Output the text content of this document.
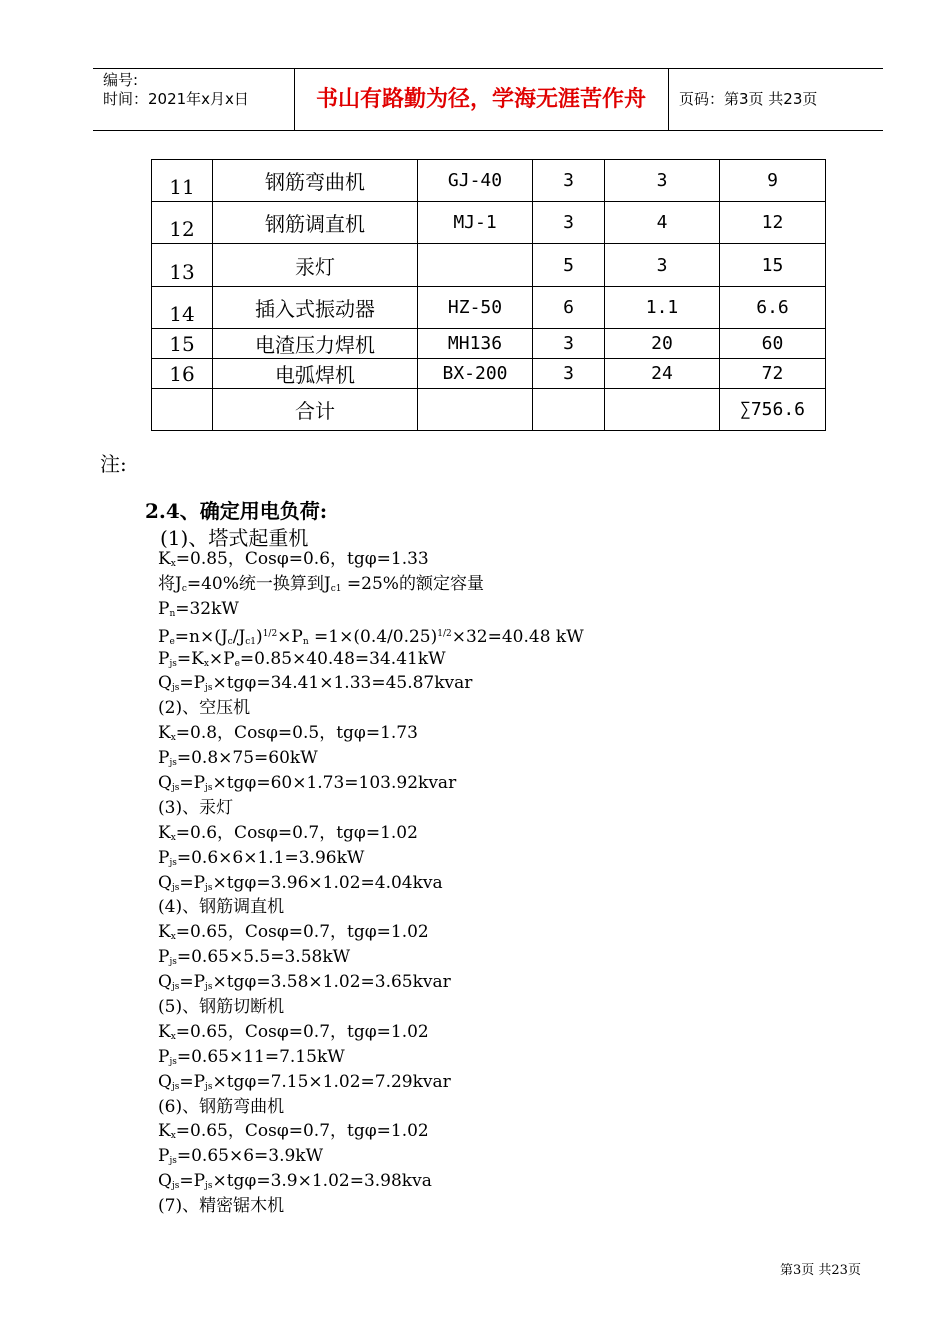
编号:
时间：2021年x月x日	书山有路勤为径，学海无涯苦作舟	页码：第3页 共23页
11	钢筋弯曲机	GJ-40	3	3	9
12	钢筋调直机	MJ-1	3	4	12
13	汞灯		5	3	15
14	插入式振动器	HZ-50	6	1.1	6.6
15	电渣压力焊机	MH136	3	20	60
16	电弧焊机	BX-200	3	24	72
	合计				∑756.6
注:
2.4、确定用电负荷:
(1)、塔式起重机
$K_x=0.85$，Cosφ=0.6，tgφ=1.33
将$J_c=40\%$统一换算到$J_{c1} =25\%$的额定容量
$P_n=32kW$
$P_e=n\times(J_c/J_{c1})^{1/2}\times P_n =1\times(0.4/0.25)^{1/2}\times 32=40.48$ kW
$P_{js}=K_x\times P_e=0.85\times 40.48=34.41kW$
$Q_{js}=P_{js}\times tg\varphi=34.41\times 1.33=45.87kvar$
(2)、空压机
$K_x=0.8$，Cosφ=0.5，tgφ=1.73
$P_{js}=0.8\times 75=60kW$
$Q_{js}=P_{js}\times tg\varphi=60\times 1.73=103.92kvar$
(3)、汞灯
$K_x=0.6$，Cosφ=0.7，tgφ=1.02
$P_{js}=0.6\times 6\times 1.1=3.96kW$
$Q_{js}=P_{js}\times tg\varphi=3.96\times 1.02=4.04kva$
(4)、钢筋调直机
$K_x=0.65$，Cosφ=0.7，tgφ=1.02
$P_{js}=0.65\times 5.5=3.58kW$
$Q_{js}=P_{js}\times tg\varphi=3.58\times 1.02=3.65kvar$
(5)、钢筋切断机
$K_x=0.65$，Cosφ=0.7，tgφ=1.02
$P_{js}=0.65\times 11=7.15kW$
$Q_{js}=P_{js}\times tg\varphi=7.15\times 1.02=7.29kvar$
(6)、钢筋弯曲机
$K_x=0.65$，Cosφ=0.7，tgφ=1.02
$P_{js}=0.65\times 6=3.9kW$
$Q_{js}=P_{js}\times tg\varphi=3.9\times 1.02=3.98kva$
(7)、精密锯木机
第3页 共23页
